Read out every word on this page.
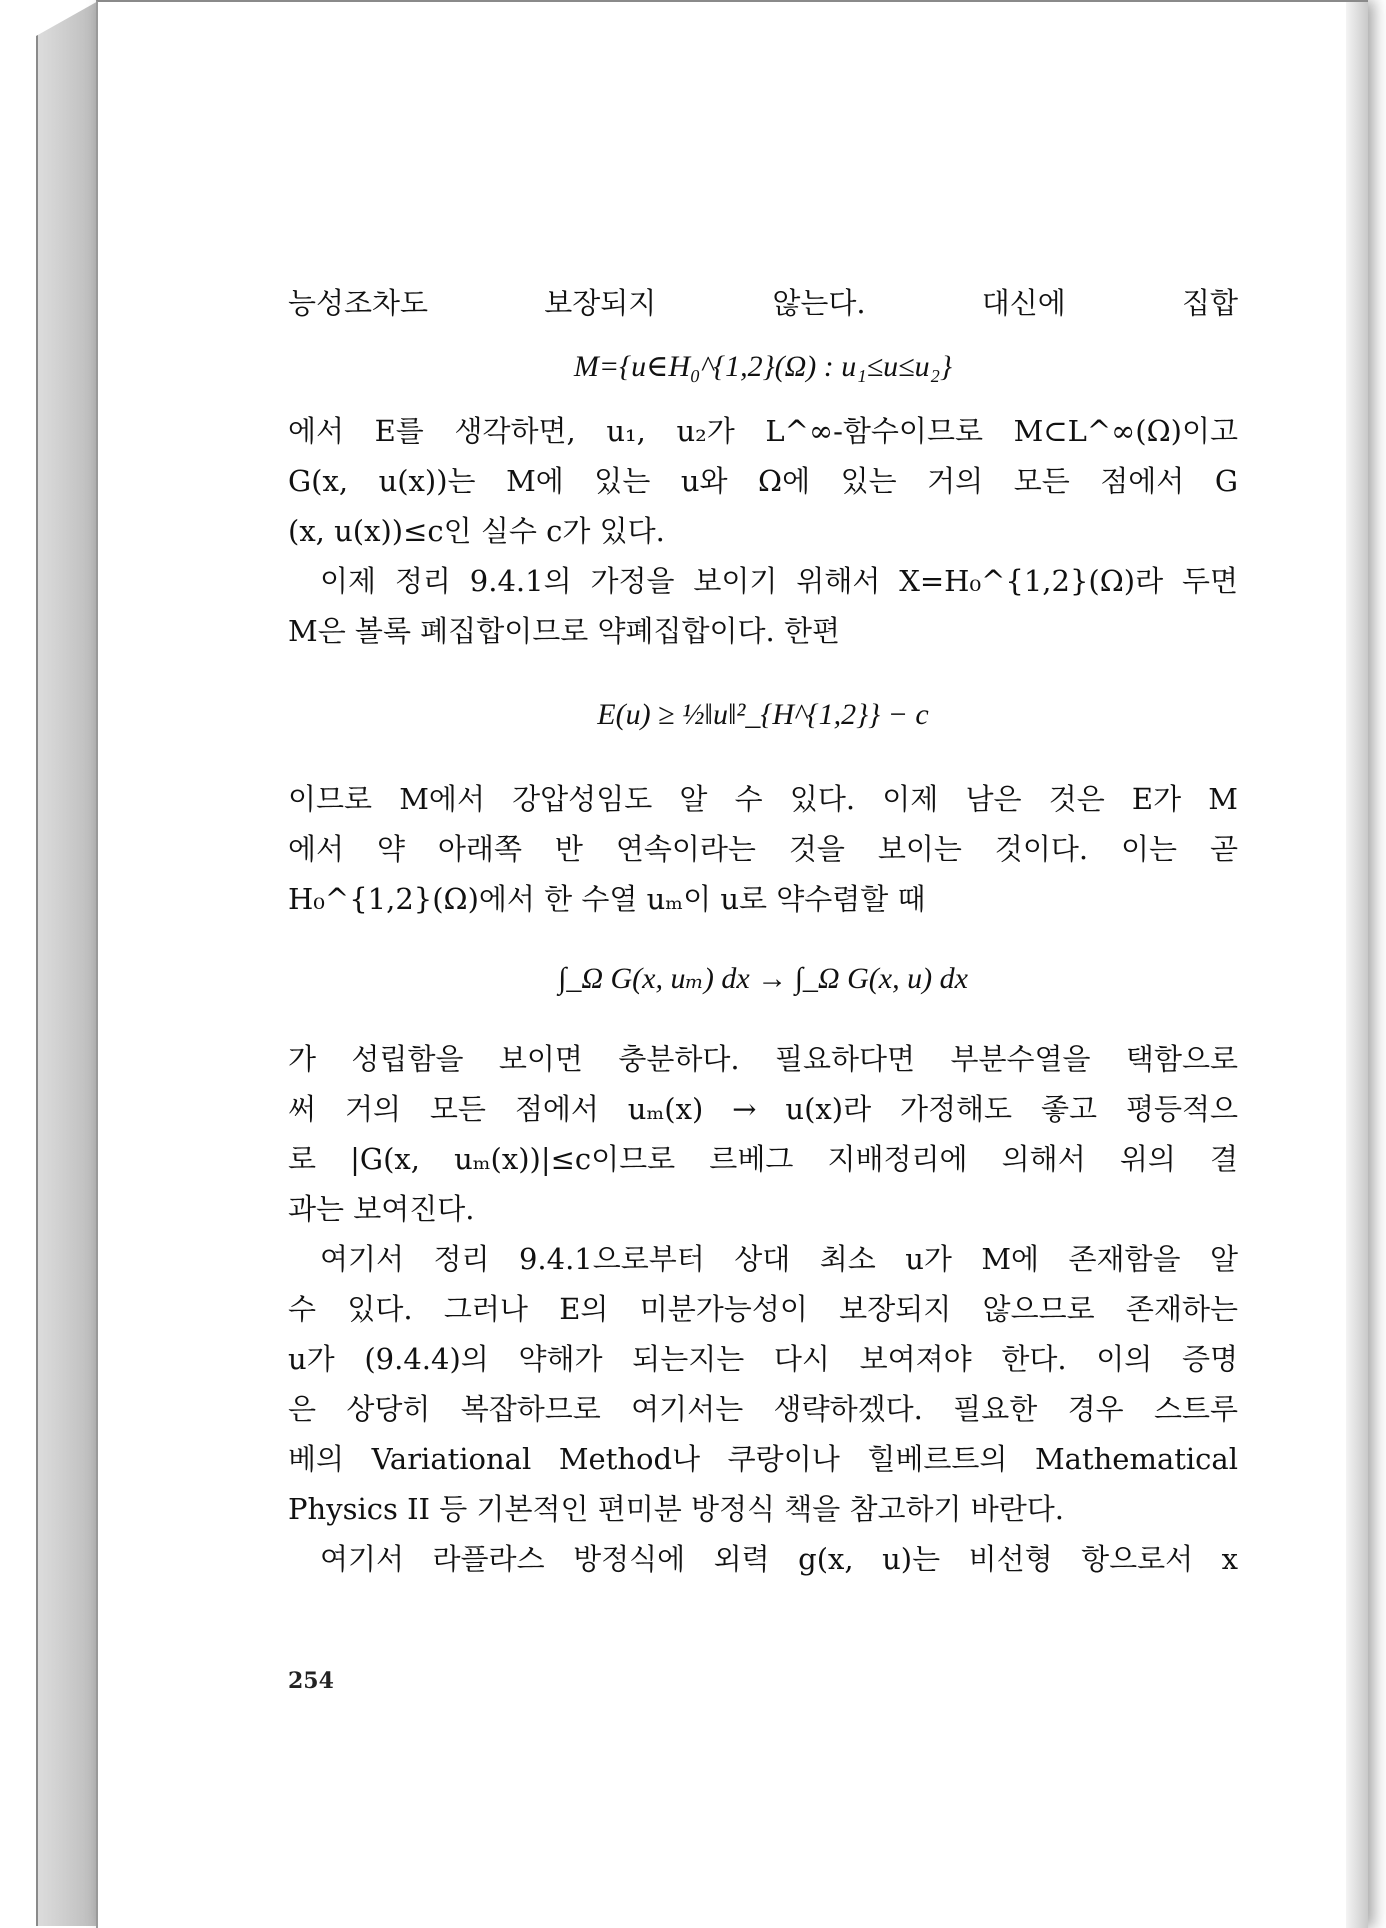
능성조차도 보장되지 않는다. 대신에 집합
M={u∈H₀^{1,2}(Ω) : u₁≤u≤u₂}
에서 E를 생각하면, u₁, u₂가 L^∞-함수이므로 M⊂L^∞(Ω)이고
G(x, u(x))는 M에 있는 u와 Ω에 있는 거의 모든 점에서 G
(x, u(x))≤c인 실수 c가 있다.
이제 정리 9.4.1의 가정을 보이기 위해서 X=H₀^{1,2}(Ω)라 두면
M은 볼록 폐집합이므로 약폐집합이다. 한편
E(u) ≥ ½‖u‖²_{H^{1,2}} − c
이므로 M에서 강압성임도 알 수 있다. 이제 남은 것은 E가 M
에서 약 아래쪽 반 연속이라는 것을 보이는 것이다. 이는 곧
H₀^{1,2}(Ω)에서 한 수열 uₘ이 u로 약수렴할 때
∫_Ω G(x, uₘ) dx → ∫_Ω G(x, u) dx
가 성립함을 보이면 충분하다. 필요하다면 부분수열을 택함으로
써 거의 모든 점에서 uₘ(x) → u(x)라 가정해도 좋고 평등적으
로 |G(x, uₘ(x))|≤c이므로 르베그 지배정리에 의해서 위의 결
과는 보여진다.
여기서 정리 9.4.1으로부터 상대 최소 u가 M에 존재함을 알
수 있다. 그러나 E의 미분가능성이 보장되지 않으므로 존재하는
u가 (9.4.4)의 약해가 되는지는 다시 보여져야 한다. 이의 증명
은 상당히 복잡하므로 여기서는 생략하겠다. 필요한 경우 스트루
베의 Variational Method나 쿠랑이나 힐베르트의 Mathematical
Physics II 등 기본적인 편미분 방정식 책을 참고하기 바란다.
여기서 라플라스 방정식에 외력 g(x, u)는 비선형 항으로서 x
254
